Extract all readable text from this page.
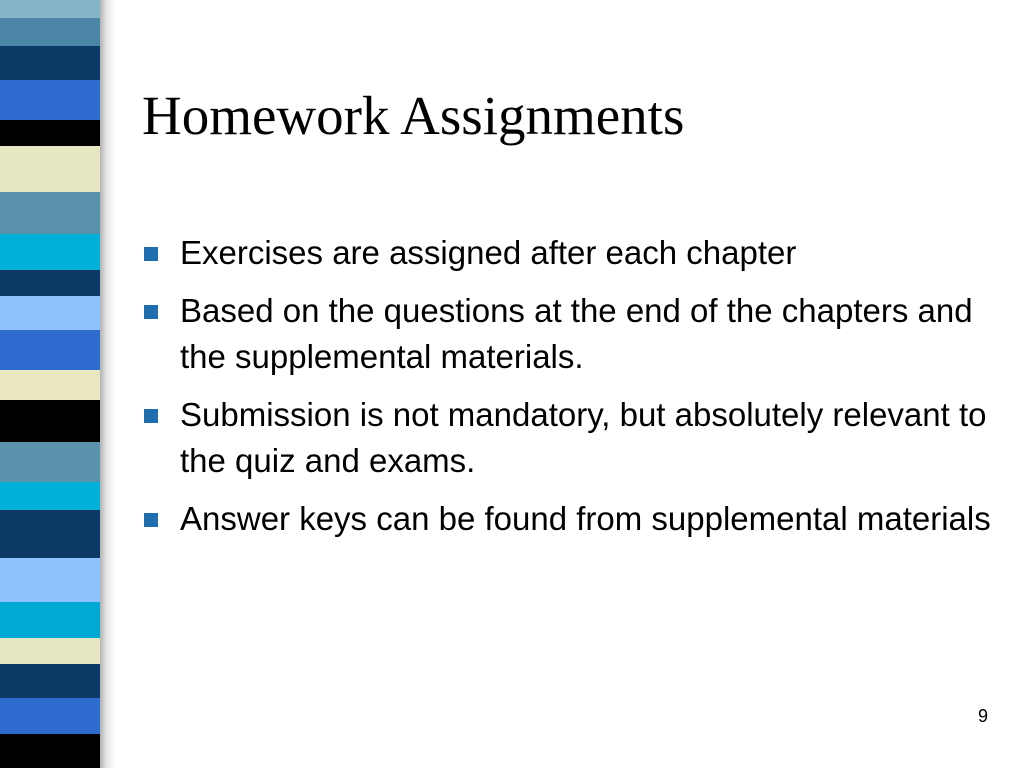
Homework Assignments
Exercises are assigned after each chapter
Based on the questions at the end of the chapters and the supplemental materials.
Submission is not mandatory, but absolutely relevant to the quiz and exams.
Answer keys can be found from supplemental materials
9
